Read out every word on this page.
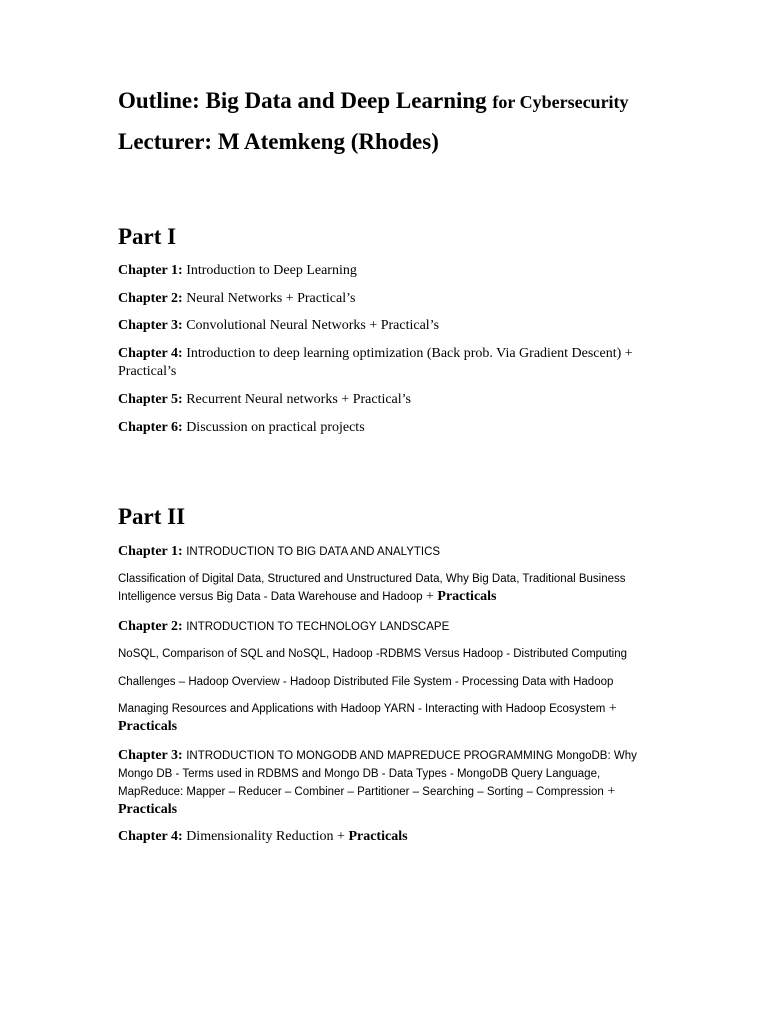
Outline: Big Data and Deep Learning for Cybersecurity
Lecturer: M Atemkeng (Rhodes)
Part I
Chapter 1: Introduction to Deep Learning
Chapter 2: Neural Networks + Practical’s
Chapter 3: Convolutional Neural Networks + Practical’s
Chapter 4: Introduction to deep learning optimization (Back prob. Via Gradient Descent) + Practical’s
Chapter 5: Recurrent Neural networks + Practical’s
Chapter 6: Discussion on practical projects
Part II
Chapter 1: INTRODUCTION TO BIG DATA AND ANALYTICS
Classification of Digital Data, Structured and Unstructured Data, Why Big Data, Traditional Business Intelligence versus Big Data - Data Warehouse and Hadoop + Practicals
Chapter 2: INTRODUCTION TO TECHNOLOGY LANDSCAPE
NoSQL, Comparison of SQL and NoSQL, Hadoop -RDBMS Versus Hadoop - Distributed Computing
Challenges – Hadoop Overview - Hadoop Distributed File System - Processing Data with Hadoop
Managing Resources and Applications with Hadoop YARN - Interacting with Hadoop Ecosystem + Practicals
Chapter 3: INTRODUCTION TO MONGODB AND MAPREDUCE PROGRAMMING MongoDB: Why Mongo DB - Terms used in RDBMS and Mongo DB - Data Types - MongoDB Query Language, MapReduce: Mapper – Reducer – Combiner – Partitioner – Searching – Sorting – Compression + Practicals
Chapter 4: Dimensionality Reduction + Practicals
